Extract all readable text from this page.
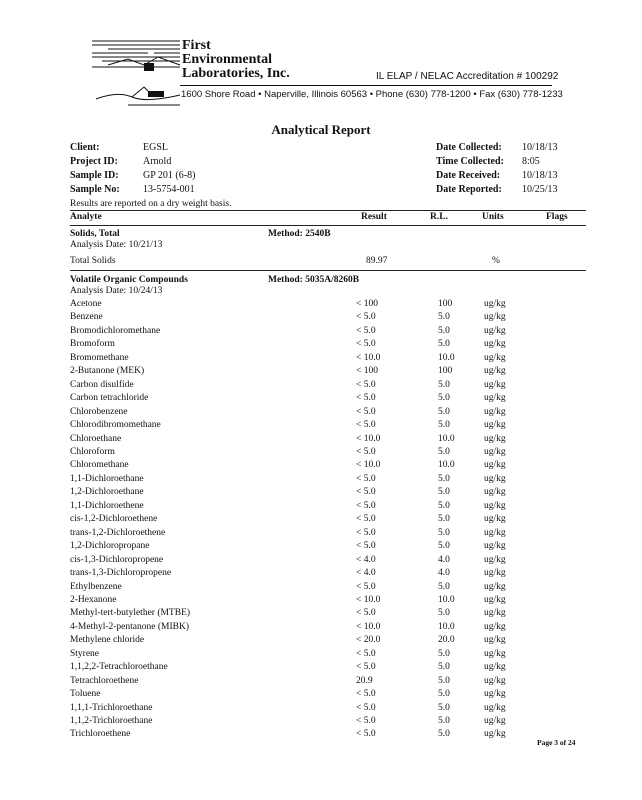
First
Environmental
Laboratories, Inc.	IL ELAP / NELAC Accreditation # 100292
1600 Shore Road • Naperville, Illinois 60563 • Phone (630) 778-1200 • Fax (630) 778-1233
Analytical Report
Client:	EGSL
Project ID:	Arnold
Sample ID: GP 201 (6-8)
Sample No: 13-5754-001
Date Collected: 10/18/13
Time Collected: 8:05
Date Received: 10/18/13
Date Reported: 10/25/13
Results are reported on a dry weight basis.
Analyte	Result	R.L.	Units	Flags
Solids, Total	Method: 2540B
Analysis Date: 10/21/13
Total Solids	89.97	%
Volatile Organic Compounds	Method: 5035A/8260B
Analysis Date: 10/24/13
Acetone	< 100	100	ug/kg
Benzene	< 5.0	5.0	ug/kg
Bromodichloromethane	< 5.0	5.0	ug/kg
Bromoform	< 5.0	5.0	ug/kg
Bromomethane	< 10.0	10.0	ug/kg
2-Butanone (MEK)	< 100	100	ug/kg
Carbon disulfide	< 5.0	5.0	ug/kg
Carbon tetrachloride	< 5.0	5.0	ug/kg
Chlorobenzene	< 5.0	5.0	ug/kg
Chlorodibromomethane	< 5.0	5.0	ug/kg
Chloroethane	< 10.0	10.0	ug/kg
Chloroform	< 5.0	5.0	ug/kg
Chloromethane	< 10.0	10.0	ug/kg
1,1-Dichloroethane	< 5.0	5.0	ug/kg
1,2-Dichloroethane	< 5.0	5.0	ug/kg
1,1-Dichloroethene	< 5.0	5.0	ug/kg
cis-1,2-Dichloroethene	< 5.0	5.0	ug/kg
trans-1,2-Dichloroethene	< 5.0	5.0	ug/kg
1,2-Dichloropropane	< 5.0	5.0	ug/kg
cis-1,3-Dichloropropene	< 4.0	4.0	ug/kg
trans-1,3-Dichloropropene	< 4.0	4.0	ug/kg
Ethylbenzene	< 5.0	5.0	ug/kg
2-Hexanone	< 10.0	10.0	ug/kg
Methyl-tert-butylether (MTBE)	< 5.0	5.0	ug/kg
4-Methyl-2-pentanone (MIBK)	< 10.0	10.0	ug/kg
Methylene chloride	< 20.0	20.0	ug/kg
Styrene	< 5.0	5.0	ug/kg
1,1,2,2-Tetrachloroethane	< 5.0	5.0	ug/kg
Tetrachloroethene	20.9	5.0	ug/kg
Toluene	< 5.0	5.0	ug/kg
1,1,1-Trichloroethane	< 5.0	5.0	ug/kg
1,1,2-Trichloroethane	< 5.0	5.0	ug/kg
Trichloroethene	< 5.0	5.0	ug/kg
Page 3 of 24
